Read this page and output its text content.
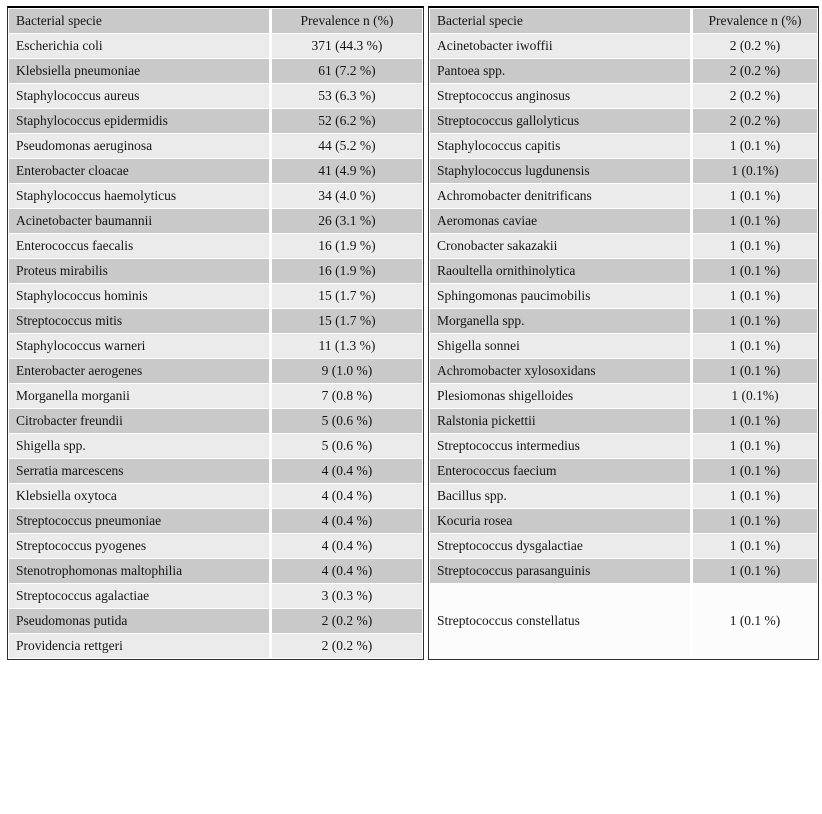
Bacterial specie	Prevalence n (%)
Escherichia coli	371 (44.3 %)
Klebsiella pneumoniae	61 (7.2 %)
Staphylococcus aureus	53 (6.3 %)
Staphylococcus epidermidis	52 (6.2 %)
Pseudomonas aeruginosa	44 (5.2 %)
Enterobacter cloacae	41 (4.9 %)
Staphylococcus haemolyticus	34 (4.0 %)
Acinetobacter baumannii	26 (3.1 %)
Enterococcus faecalis	16 (1.9 %)
Proteus mirabilis	16 (1.9 %)
Staphylococcus hominis	15 (1.7 %)
Streptococcus mitis	15 (1.7 %)
Staphylococcus warneri	11 (1.3 %)
Enterobacter aerogenes	9 (1.0 %)
Morganella morganii	7 (0.8 %)
Citrobacter freundii	5 (0.6 %)
Shigella spp.	5 (0.6 %)
Serratia marcescens	4 (0.4 %)
Klebsiella oxytoca	4 (0.4 %)
Streptococcus pneumoniae	4 (0.4 %)
Streptococcus pyogenes	4 (0.4 %)
Stenotrophomonas maltophilia	4 (0.4 %)
Streptococcus agalactiae	3 (0.3 %)
Pseudomonas putida	2 (0.2 %)
Providencia rettgeri	2 (0.2 %)
Bacterial specie	Prevalence n (%)
Acinetobacter iwoffii	2 (0.2 %)
Pantoea spp.	2 (0.2 %)
Streptococcus anginosus	2 (0.2 %)
Streptococcus gallolyticus	2 (0.2 %)
Staphylococcus capitis	1 (0.1 %)
Staphylococcus lugdunensis	1 (0.1%)
Achromobacter denitrificans	1 (0.1 %)
Aeromonas caviae	1 (0.1 %)
Cronobacter sakazakii	1 (0.1 %)
Raoultella ornithinolytica	1 (0.1 %)
Sphingomonas paucimobilis	1 (0.1 %)
Morganella spp.	1 (0.1 %)
Shigella sonnei	1 (0.1 %)
Achromobacter xylosoxidans	1 (0.1 %)
Plesiomonas shigelloides	1 (0.1%)
Ralstonia pickettii	1 (0.1 %)
Streptococcus intermedius	1 (0.1 %)
Enterococcus faecium	1 (0.1 %)
Bacillus spp.	1 (0.1 %)
Kocuria rosea	1 (0.1 %)
Streptococcus dysgalactiae	1 (0.1 %)
Streptococcus parasanguinis	1 (0.1 %)
Streptococcus constellatus	1 (0.1 %)
